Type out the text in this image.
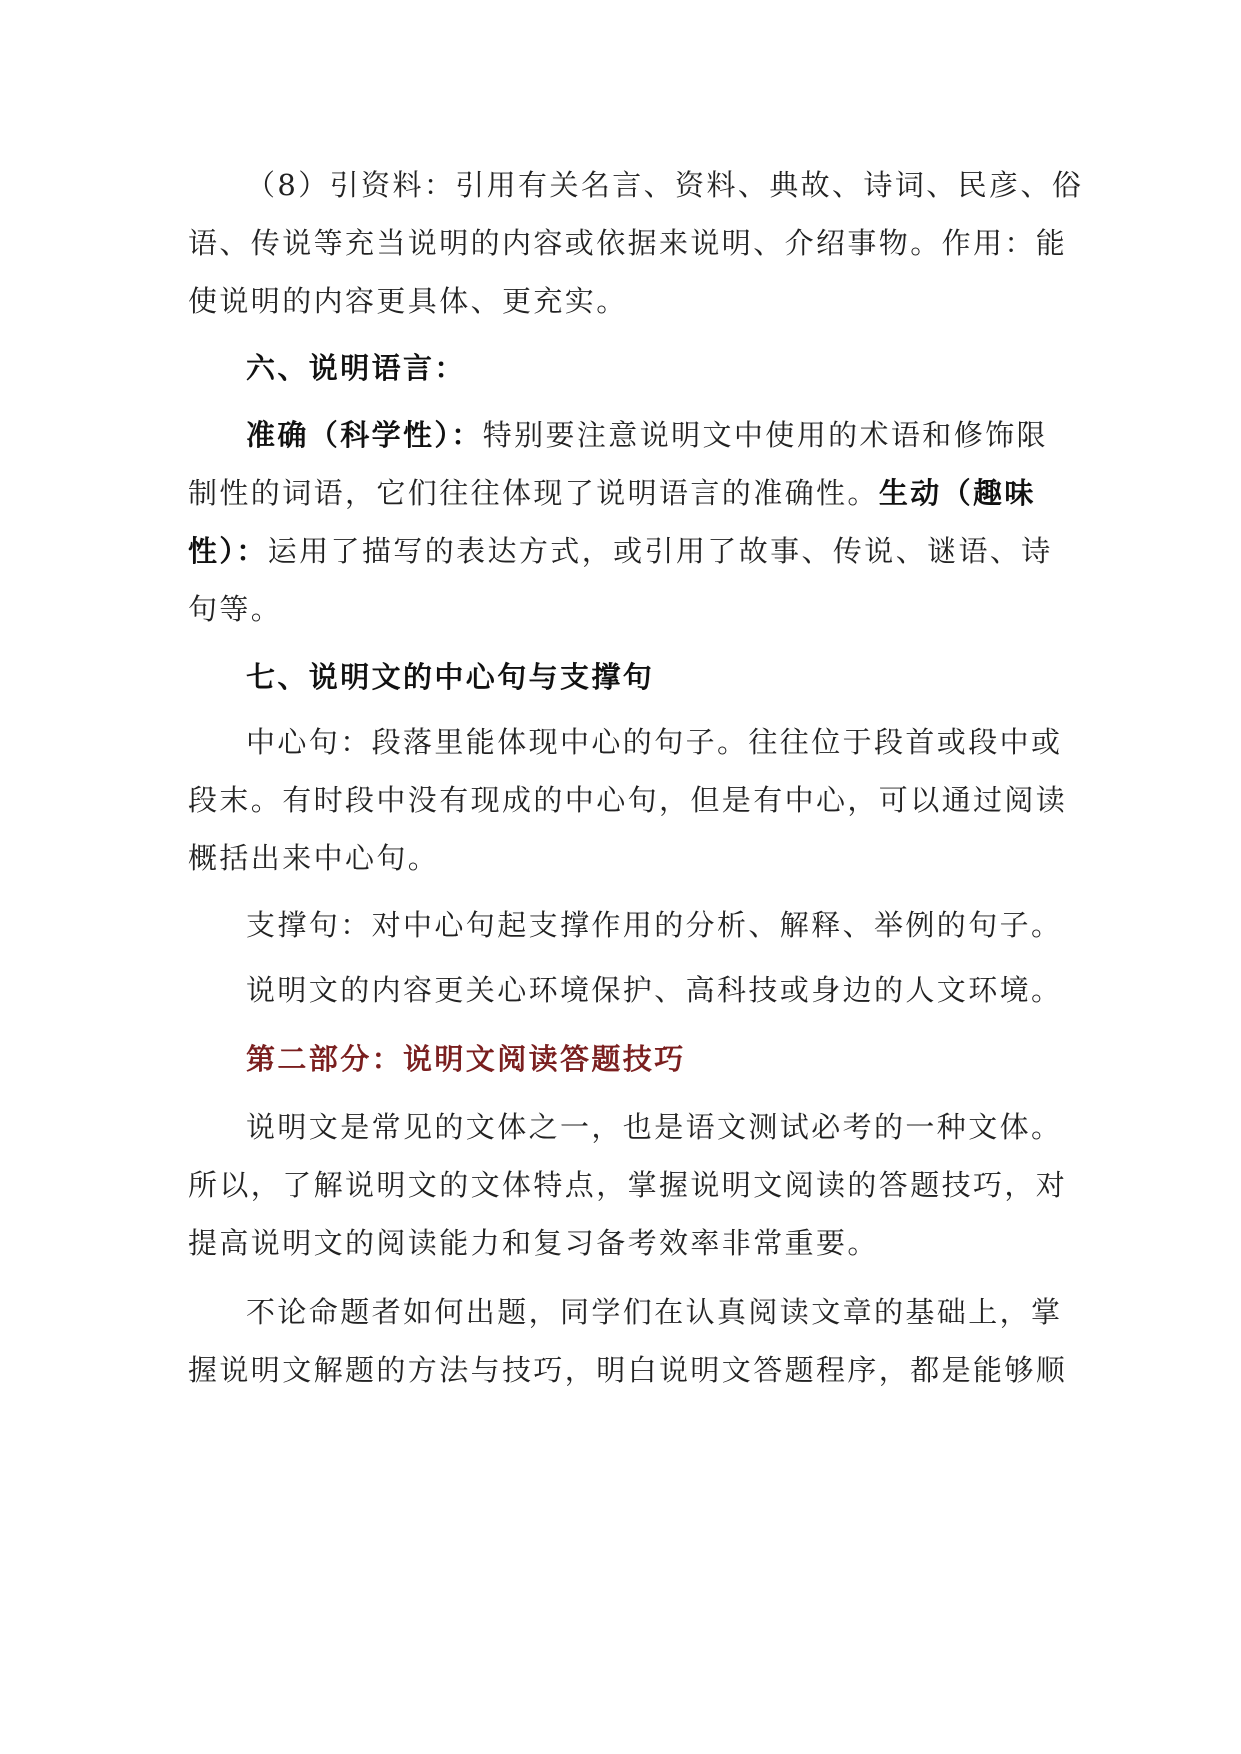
（8）引资料：引用有关名言、资料、典故、诗词、民彦、俗
语、传说等充当说明的内容或依据来说明、介绍事物。作用：能
使说明的内容更具体、更充实。
六、说明语言：
准确（科学性）：特别要注意说明文中使用的术语和修饰限
制性的词语，它们往往体现了说明语言的准确性。生动（趣味
性）：运用了描写的表达方式，或引用了故事、传说、谜语、诗
句等。
七、说明文的中心句与支撑句
中心句：段落里能体现中心的句子。往往位于段首或段中或
段末。有时段中没有现成的中心句，但是有中心，可以通过阅读
概括出来中心句。
支撑句：对中心句起支撑作用的分析、解释、举例的句子。
说明文的内容更关心环境保护、高科技或身边的人文环境。
第二部分：说明文阅读答题技巧
说明文是常见的文体之一，也是语文测试必考的一种文体。
所以，了解说明文的文体特点，掌握说明文阅读的答题技巧，对
提高说明文的阅读能力和复习备考效率非常重要。
不论命题者如何出题，同学们在认真阅读文章的基础上，掌
握说明文解题的方法与技巧，明白说明文答题程序，都是能够顺
